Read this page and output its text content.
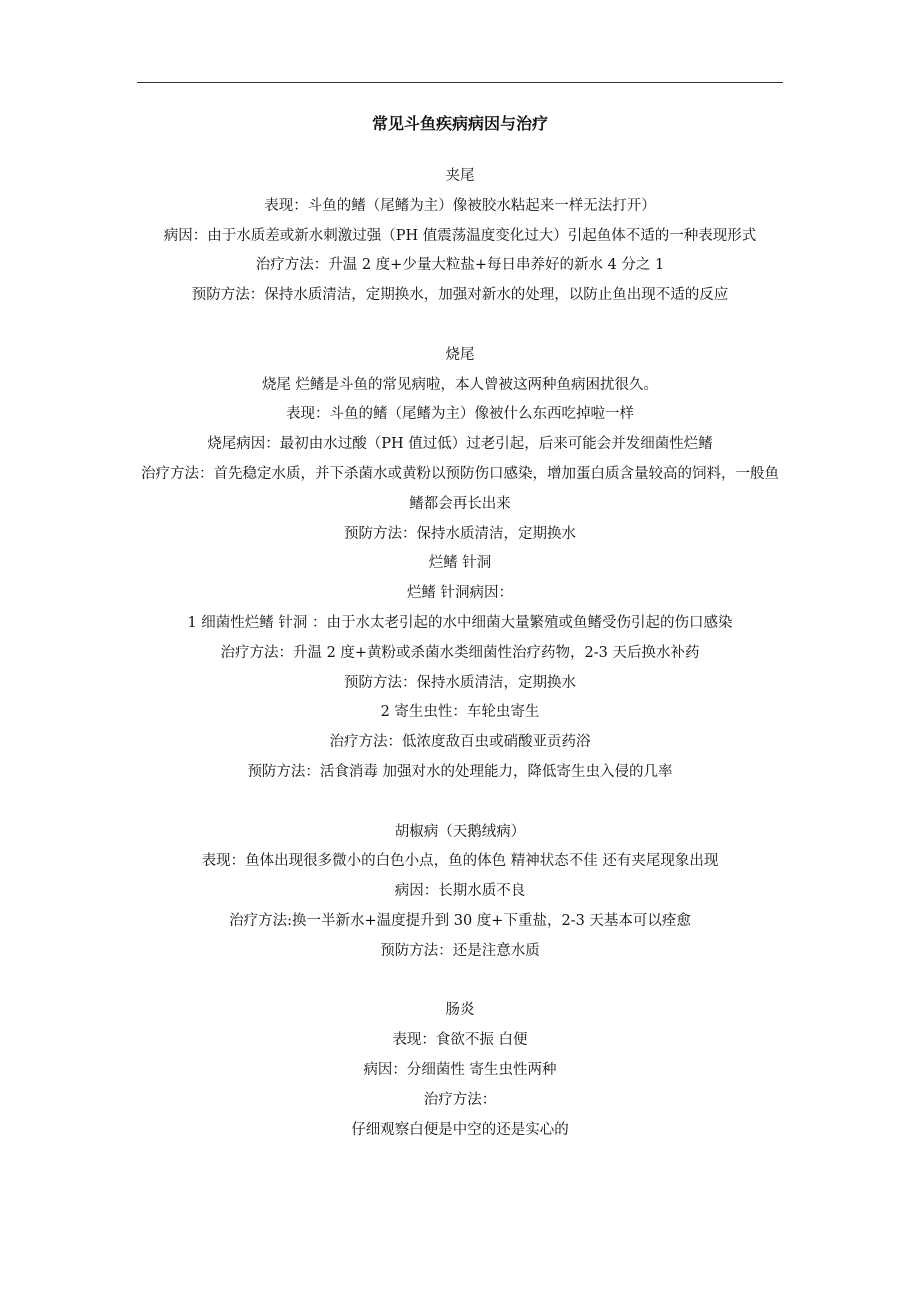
常见斗鱼疾病病因与治疗
夹尾
表现：斗鱼的鳍（尾鳍为主）像被胶水粘起来一样无法打开）
病因：由于水质差或新水刺激过强（PH 值震荡温度变化过大）引起鱼体不适的一种表现形式
治疗方法：升温 2 度+少量大粒盐+每日串养好的新水 4 分之 1
预防方法：保持水质清洁，定期换水，加强对新水的处理，以防止鱼出现不适的反应
烧尾
烧尾 烂鳍是斗鱼的常见病啦，本人曾被这两种鱼病困扰很久。
表现：斗鱼的鳍（尾鳍为主）像被什么东西吃掉啦一样
烧尾病因：最初由水过酸（PH 值过低）过老引起，后来可能会并发细菌性烂鳍
治疗方法：首先稳定水质，并下杀菌水或黄粉以预防伤口感染，增加蛋白质含量较高的饲料，一般鱼鳍都会再长出来
预防方法：保持水质清洁，定期换水
烂鳍 针洞
烂鳍 针洞病因：
1 细菌性烂鳍 针洞 ：由于水太老引起的水中细菌大量繁殖或鱼鳍受伤引起的伤口感染
治疗方法：升温 2 度+黄粉或杀菌水类细菌性治疗药物，2-3 天后换水补药
预防方法：保持水质清洁，定期换水
2 寄生虫性：车轮虫寄生
治疗方法：低浓度敌百虫或硝酸亚贡药浴
预防方法：活食消毒 加强对水的处理能力，降低寄生虫入侵的几率
胡椒病（天鹅绒病）
表现：鱼体出现很多微小的白色小点，鱼的体色 精神状态不佳 还有夹尾现象出现
病因：长期水质不良
治疗方法:换一半新水+温度提升到 30 度+下重盐，2-3 天基本可以痊愈
预防方法：还是注意水质
肠炎
表现：食欲不振 白便
病因：分细菌性 寄生虫性两种
治疗方法：
仔细观察白便是中空的还是实心的
